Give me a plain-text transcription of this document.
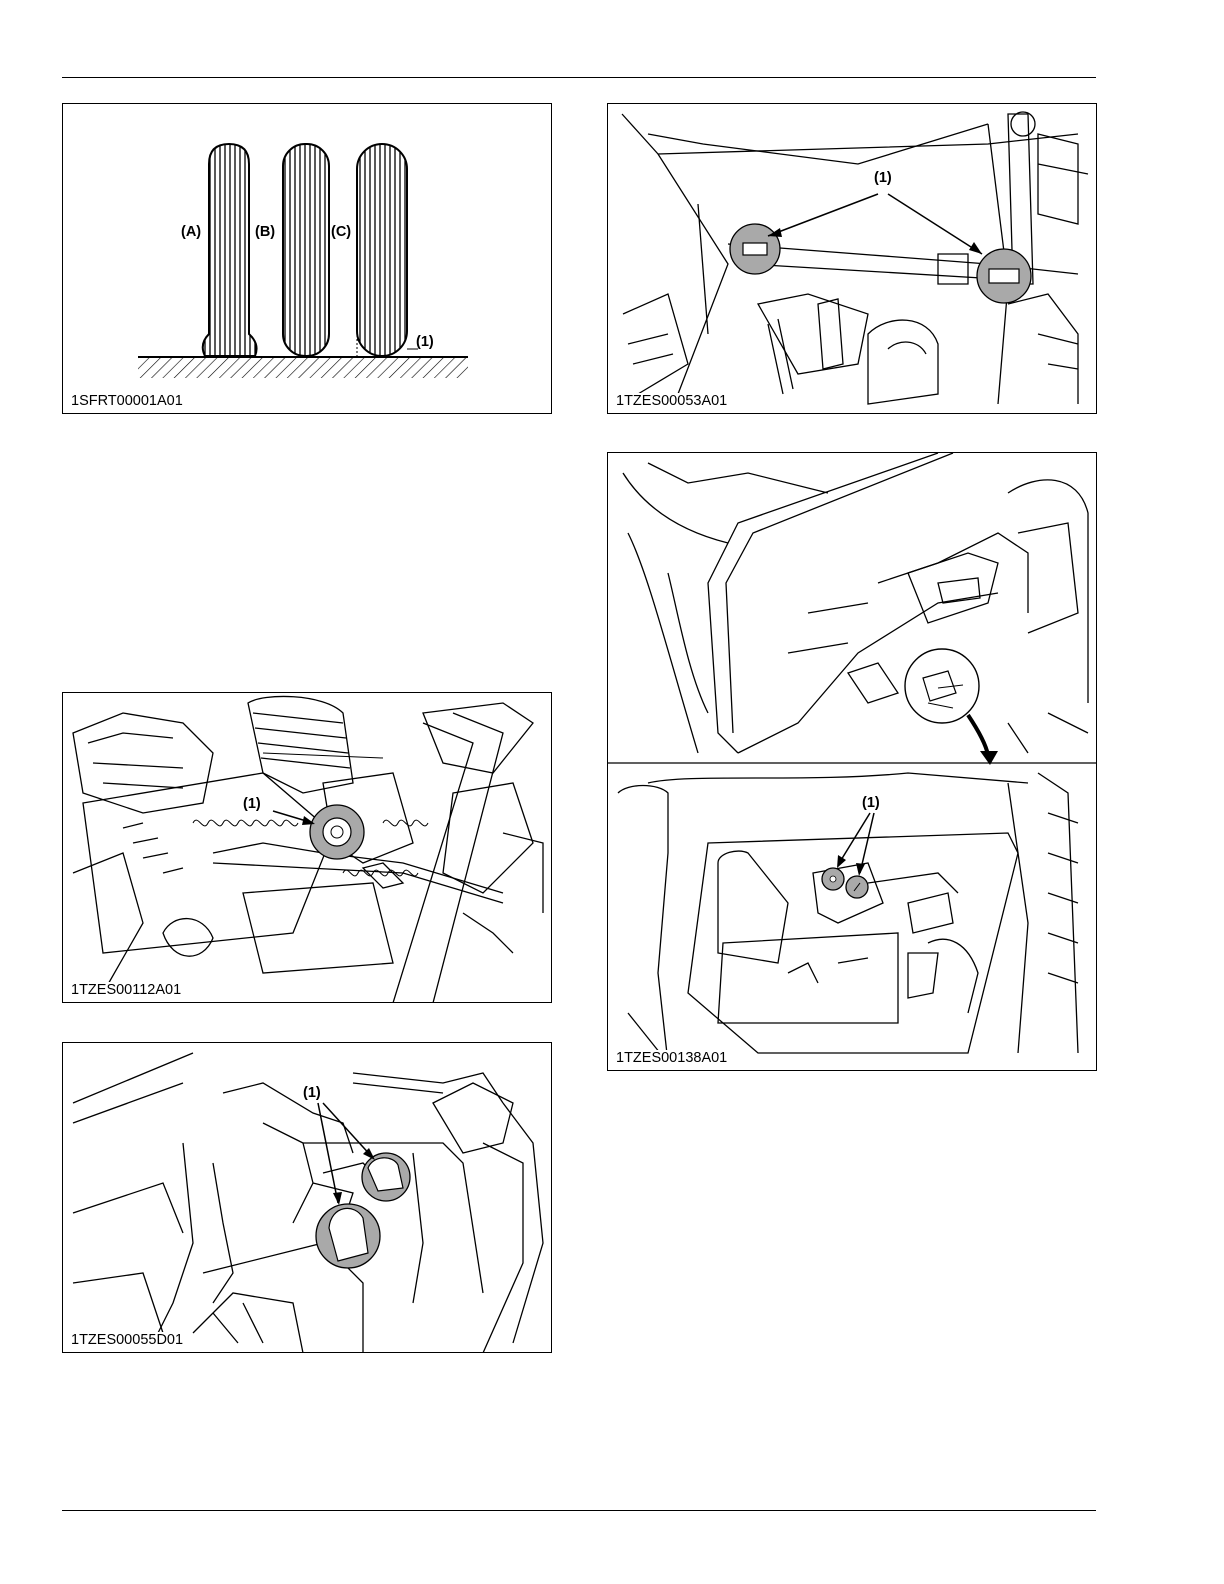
(A)	(B)	(C)
(1)
1SFRT00001A01
(1)
1TZES00053A01
(1)
1TZES00112A01
(1)
1TZES00055D01
(1)
1TZES00138A01
